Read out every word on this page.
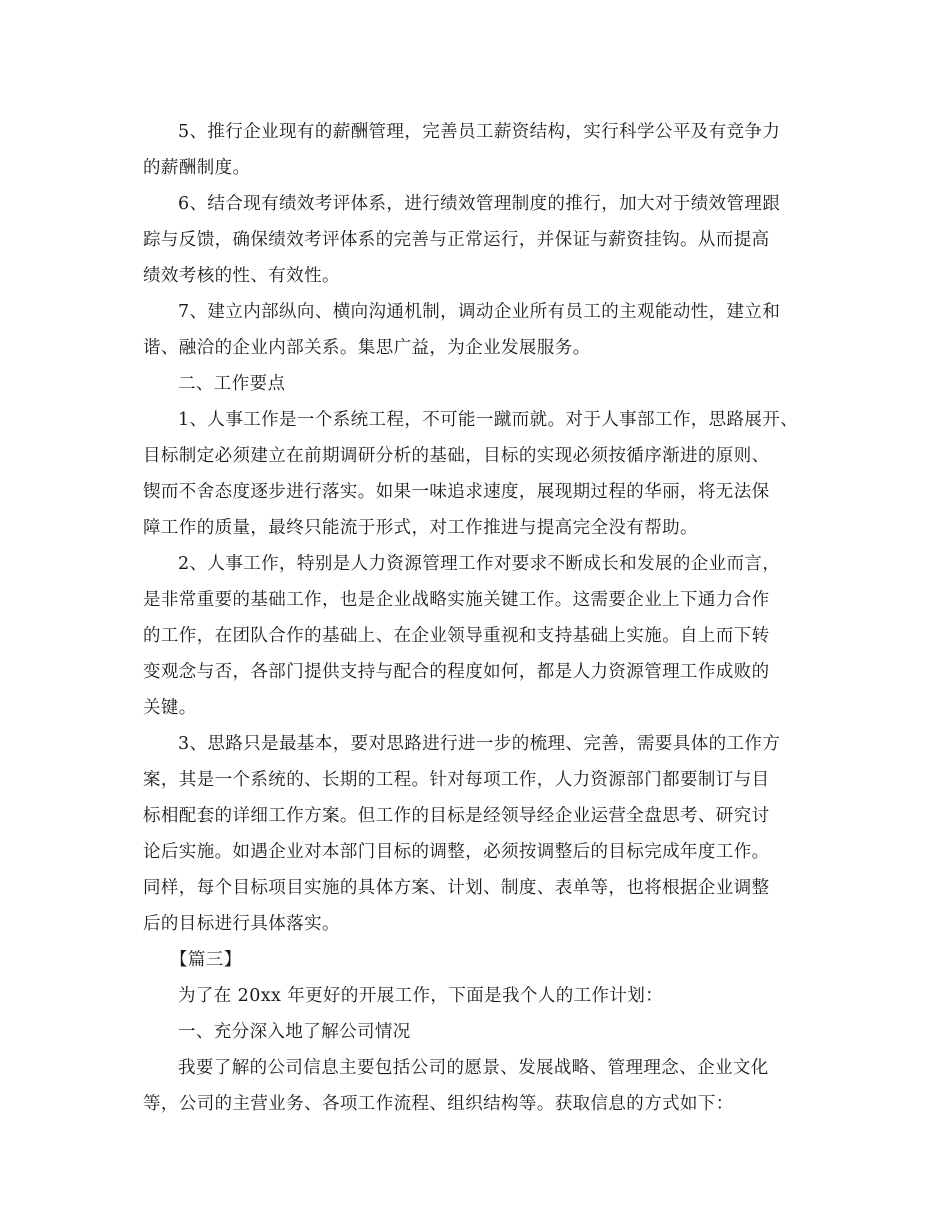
5、推行企业现有的薪酬管理，完善员工薪资结构，实行科学公平及有竞争力
的薪酬制度。
6、结合现有绩效考评体系，进行绩效管理制度的推行，加大对于绩效管理跟
踪与反馈，确保绩效考评体系的完善与正常运行，并保证与薪资挂钩。从而提高
绩效考核的性、有效性。
7、建立内部纵向、横向沟通机制，调动企业所有员工的主观能动性，建立和
谐、融洽的企业内部关系。集思广益，为企业发展服务。
二、工作要点
1、人事工作是一个系统工程，不可能一蹴而就。对于人事部工作，思路展开、
目标制定必须建立在前期调研分析的基础，目标的实现必须按循序渐进的原则、
锲而不舍态度逐步进行落实。如果一味追求速度，展现期过程的华丽，将无法保
障工作的质量，最终只能流于形式，对工作推进与提高完全没有帮助。
2、人事工作，特别是人力资源管理工作对要求不断成长和发展的企业而言，
是非常重要的基础工作，也是企业战略实施关键工作。这需要企业上下通力合作
的工作，在团队合作的基础上、在企业领导重视和支持基础上实施。自上而下转
变观念与否，各部门提供支持与配合的程度如何，都是人力资源管理工作成败的
关键。
3、思路只是最基本，要对思路进行进一步的梳理、完善，需要具体的工作方
案，其是一个系统的、长期的工程。针对每项工作，人力资源部门都要制订与目
标相配套的详细工作方案。但工作的目标是经领导经企业运营全盘思考、研究讨
论后实施。如遇企业对本部门目标的调整，必须按调整后的目标完成年度工作。
同样，每个目标项目实施的具体方案、计划、制度、表单等，也将根据企业调整
后的目标进行具体落实。
【篇三】
为了在 20xx 年更好的开展工作，下面是我个人的工作计划：
一、充分深入地了解公司情况
我要了解的公司信息主要包括公司的愿景、发展战略、管理理念、企业文化
等，公司的主营业务、各项工作流程、组织结构等。获取信息的方式如下：
